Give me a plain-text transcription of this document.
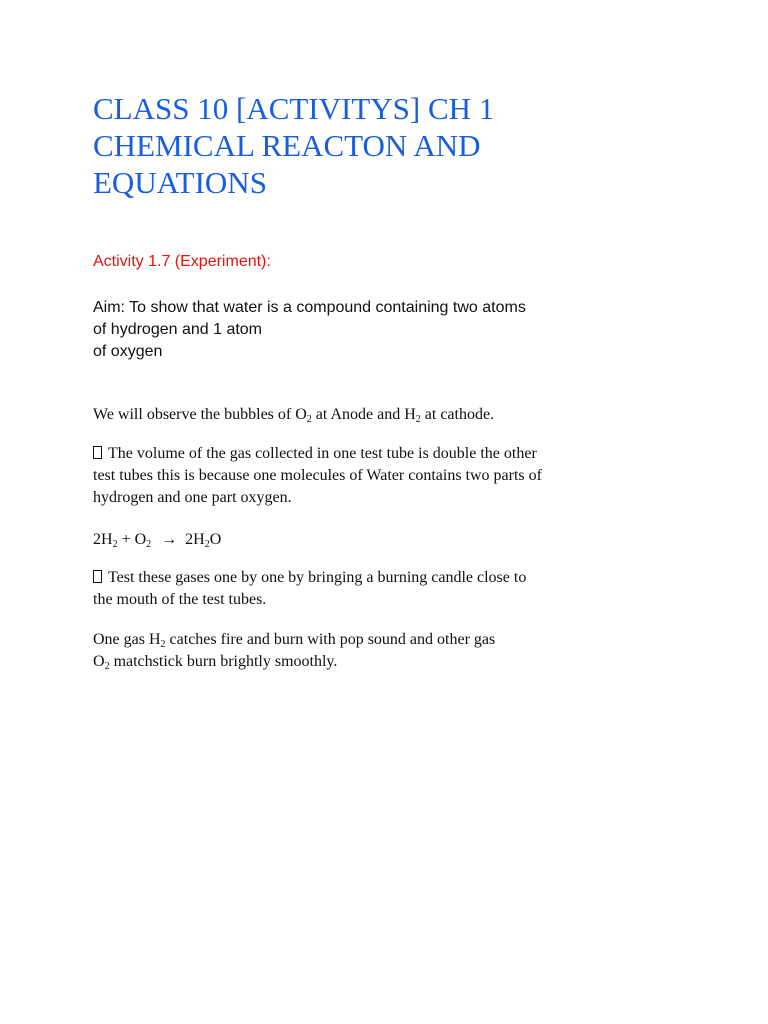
CLASS 10 [ACTIVITYS] CH 1
CHEMICAL REACTON AND
EQUATIONS

Activity 1.7 (Experiment):

Aim: To show that water is a compound containing two atoms
of hydrogen and 1 atom
of oxygen

We will observe the bubbles of $O_2$ at Anode and $H_2$ at cathode.

The volume of the gas collected in one test tube is double the other
test tubes this is because one molecules of Water contains two parts of
hydrogen and one part oxygen.

$2H_2 + O_2 \to 2H_2O$

Test these gases one by one by bringing a burning candle close to
the mouth of the test tubes.

One gas $H_2$ catches fire and burn with pop sound and other gas
$O_2$ matchstick burn brightly smoothly.
